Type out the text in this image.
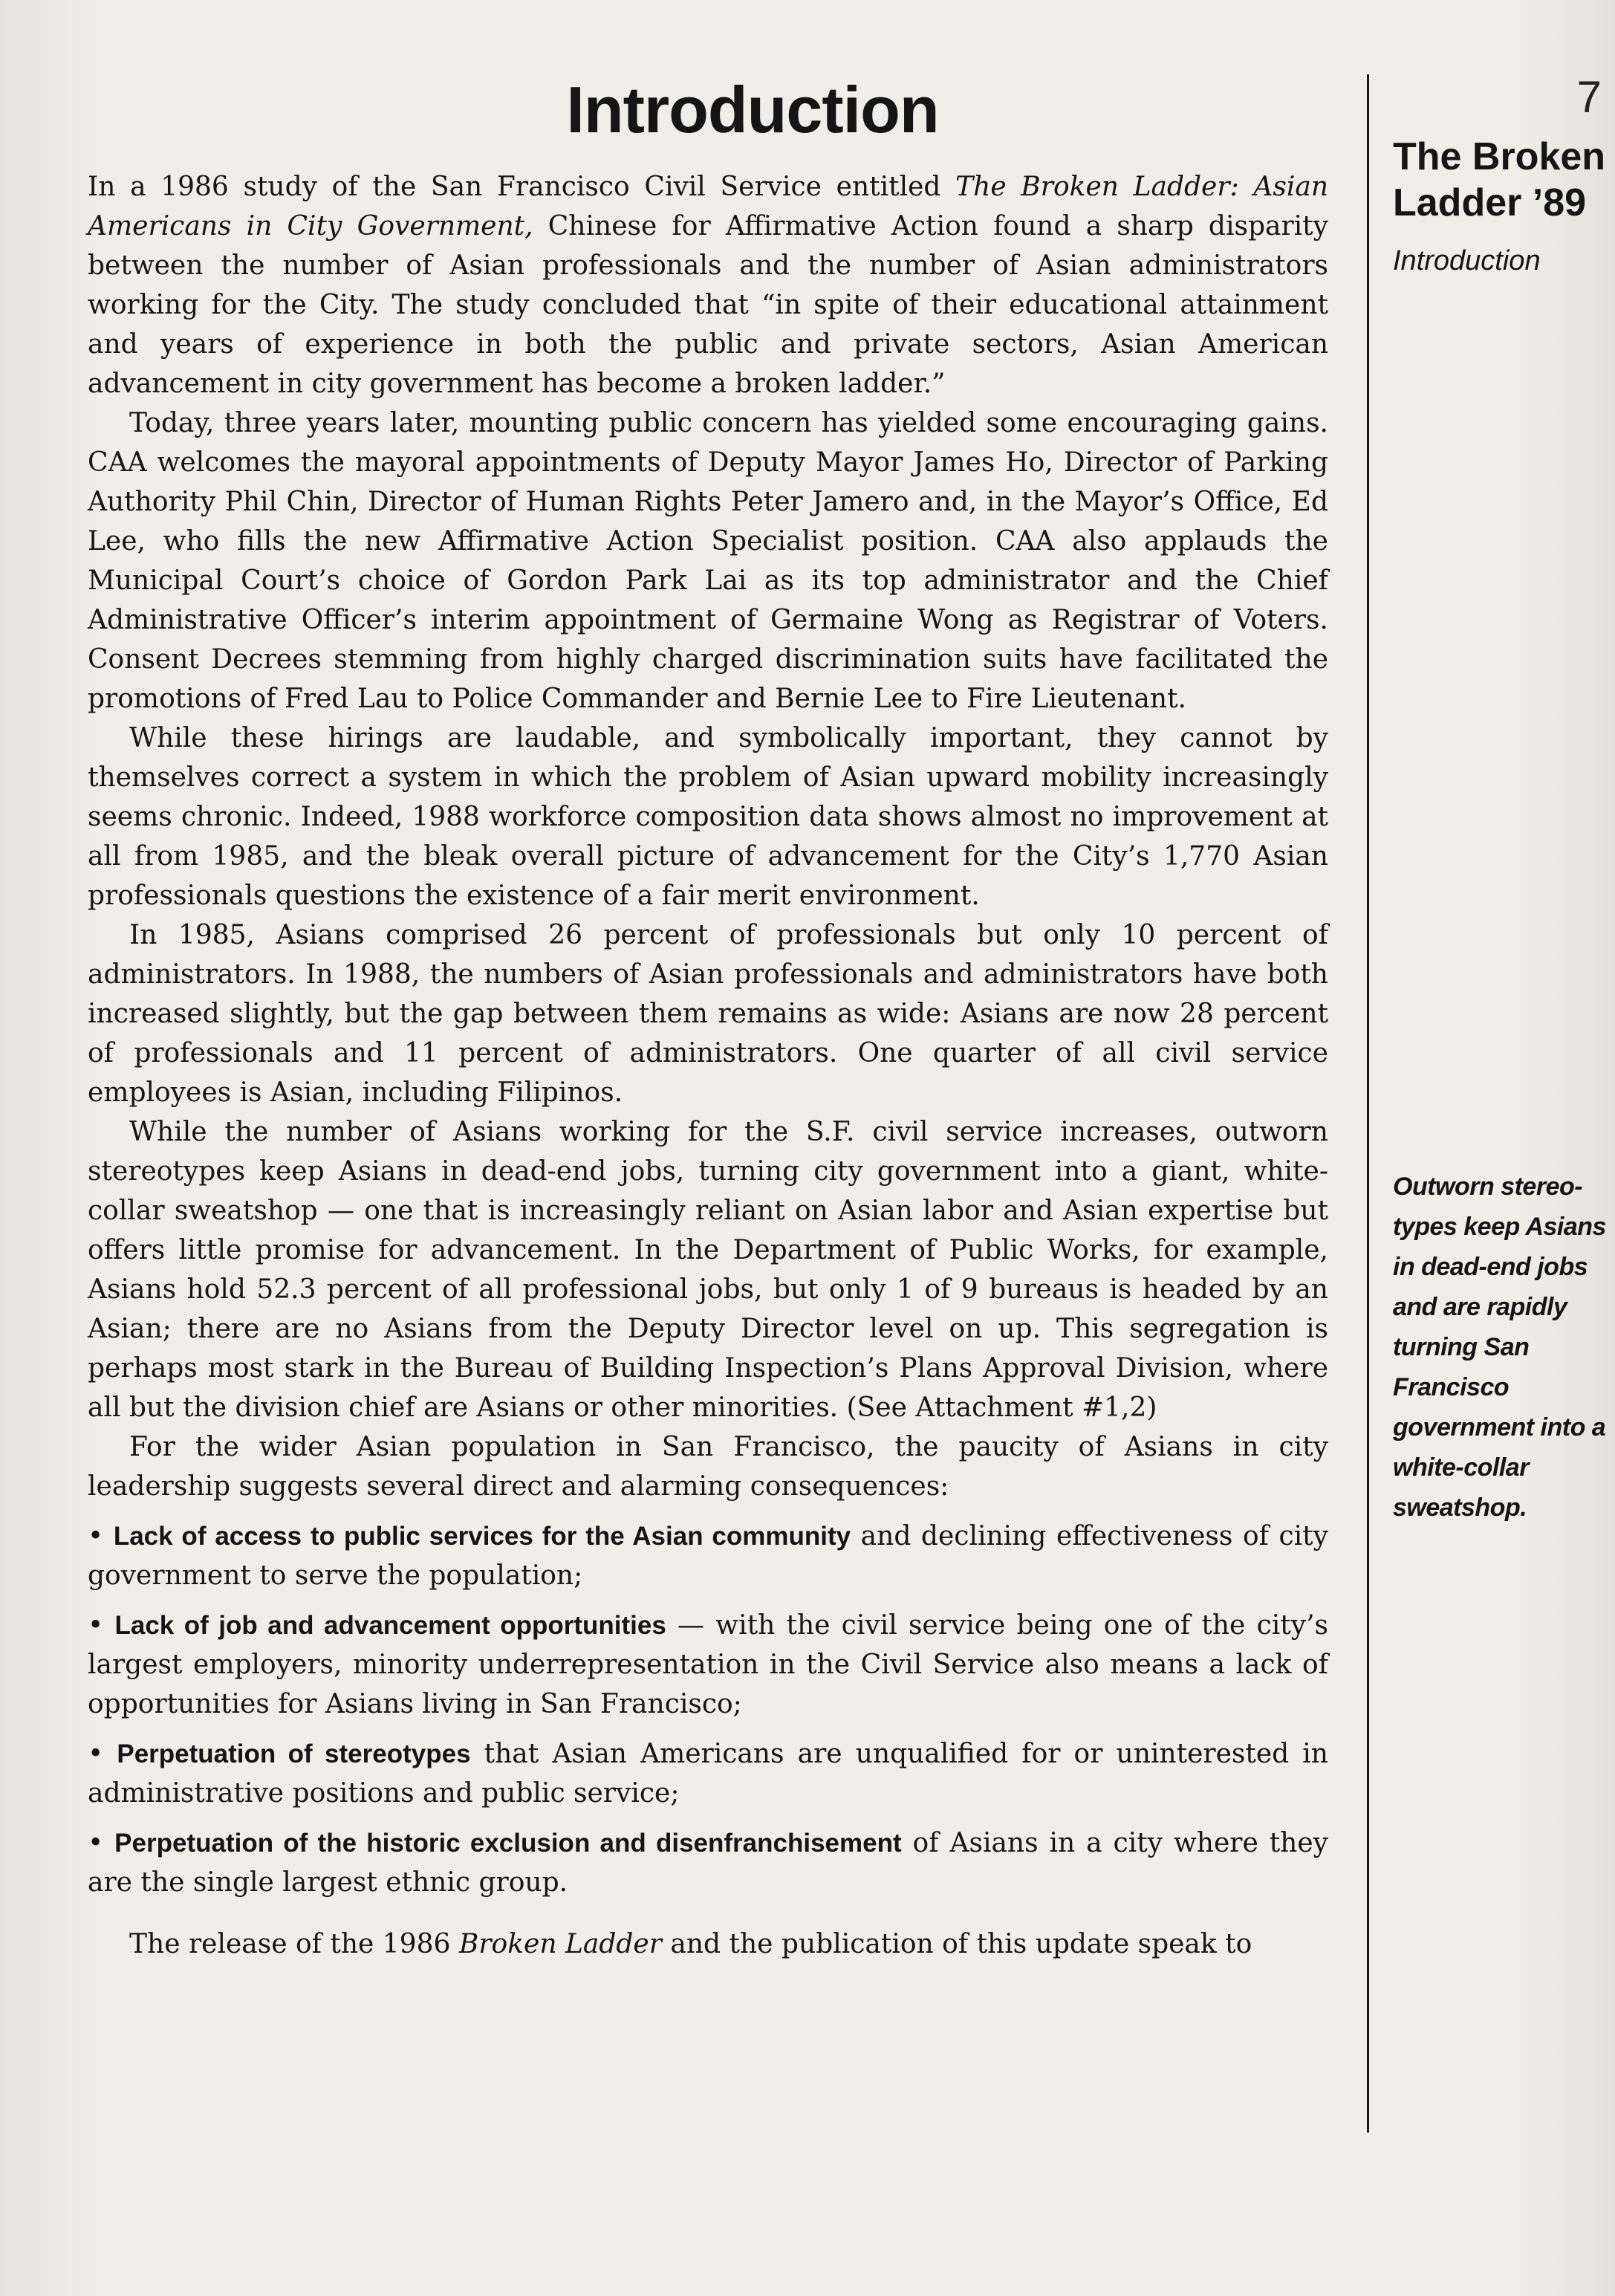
7
Introduction

In a 1986 study of the San Francisco Civil Service entitled The Broken Ladder: Asian Americans in City Government, Chinese for Affirmative Action found a sharp disparity between the number of Asian professionals and the number of Asian administrators working for the City. The study concluded that “in spite of their educational attainment and years of experience in both the public and private sectors, Asian American advancement in city government has become a broken ladder.”

Today, three years later, mounting public concern has yielded some encouraging gains. CAA welcomes the mayoral appointments of Deputy Mayor James Ho, Director of Parking Authority Phil Chin, Director of Human Rights Peter Jamero and, in the Mayor’s Office, Ed Lee, who fills the new Affirmative Action Specialist position. CAA also applauds the Municipal Court’s choice of Gordon Park Lai as its top administrator and the Chief Administrative Officer’s interim appointment of Germaine Wong as Registrar of Voters. Consent Decrees stemming from highly charged discrimination suits have facilitated the promotions of Fred Lau to Police Commander and Bernie Lee to Fire Lieutenant.

While these hirings are laudable, and symbolically important, they cannot by themselves correct a system in which the problem of Asian upward mobility increasingly seems chronic. Indeed, 1988 workforce composition data shows almost no improvement at all from 1985, and the bleak overall picture of advancement for the City’s 1,770 Asian professionals questions the existence of a fair merit environment.

In 1985, Asians comprised 26 percent of professionals but only 10 percent of administrators. In 1988, the numbers of Asian professionals and administrators have both increased slightly, but the gap between them remains as wide: Asians are now 28 percent of professionals and 11 percent of administrators. One quarter of all civil service employees is Asian, including Filipinos.

While the number of Asians working for the S.F. civil service increases, outworn stereotypes keep Asians in dead-end jobs, turning city government into a giant, white-collar sweatshop — one that is increasingly reliant on Asian labor and Asian expertise but offers little promise for advancement. In the Department of Public Works, for example, Asians hold 52.3 percent of all professional jobs, but only 1 of 9 bureaus is headed by an Asian; there are no Asians from the Deputy Director level on up. This segregation is perhaps most stark in the Bureau of Building Inspection’s Plans Approval Division, where all but the division chief are Asians or other minorities. (See Attachment #1,2)

For the wider Asian population in San Francisco, the paucity of Asians in city leadership suggests several direct and alarming consequences:

• Lack of access to public services for the Asian community and declining effectiveness of city government to serve the population;

• Lack of job and advancement opportunities — with the civil service being one of the city’s largest employers, minority underrepresentation in the Civil Service also means a lack of opportunities for Asians living in San Francisco;

• Perpetuation of stereotypes that Asian Americans are unqualified for or uninterested in administrative positions and public service;

• Perpetuation of the historic exclusion and disenfranchisement of Asians in a city where they are the single largest ethnic group.

The release of the 1986 Broken Ladder and the publication of this update speak to

The Broken
Ladder ’89
Introduction
Outworn stereo-types keep Asians in dead-end jobs and are rapidly turning San Francisco government into a white-collar sweatshop.
